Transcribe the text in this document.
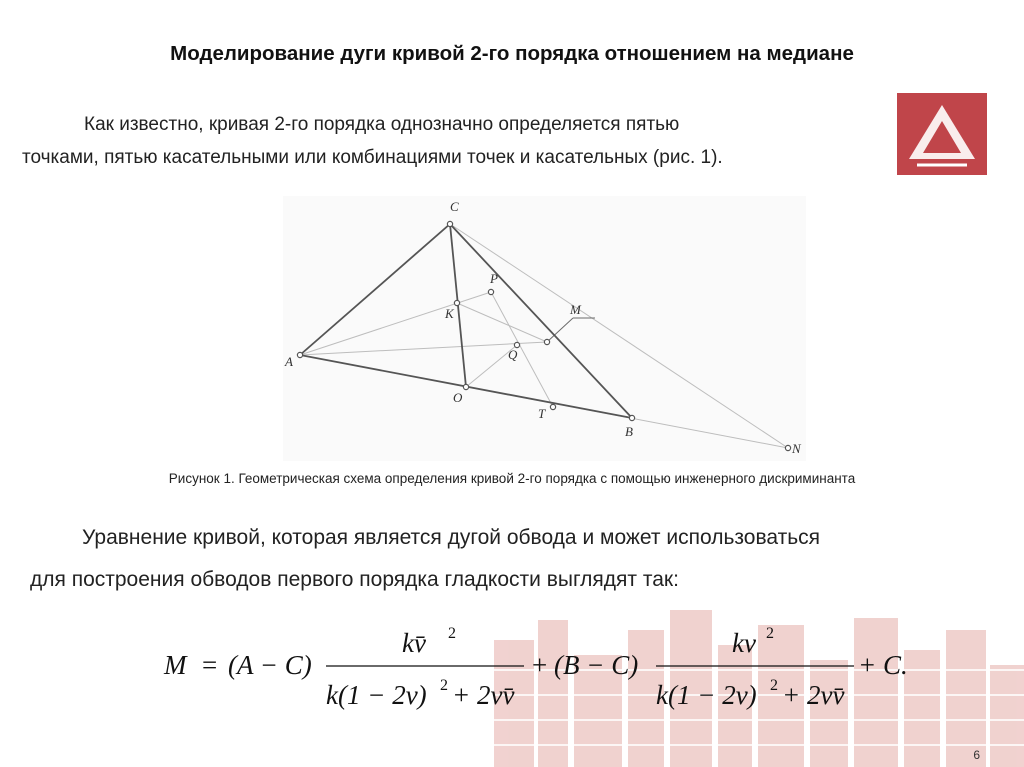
Моделирование дуги кривой 2-го порядка отношением на медиане
Как известно, кривая 2-го порядка однозначно определяется пятью
точками, пятью касательными или комбинациями точек и касательных (рис. 1).
C
A
B
K
P
Q
M
O
T
N
Рисунок 1. Геометрическая схема определения кривой 2-го порядка с помощью инженерного дискриминанта
Уравнение кривой, которая является дугой обвода и может использоваться
для построения обводов первого порядка гладкости выглядят так:
M = (A − C)
kv̄ 2
k(1 − 2v) 2 + 2vv̄
+ (B − C)
kv 2
k(1 − 2v) 2 + 2vv̄
+ C.
6
